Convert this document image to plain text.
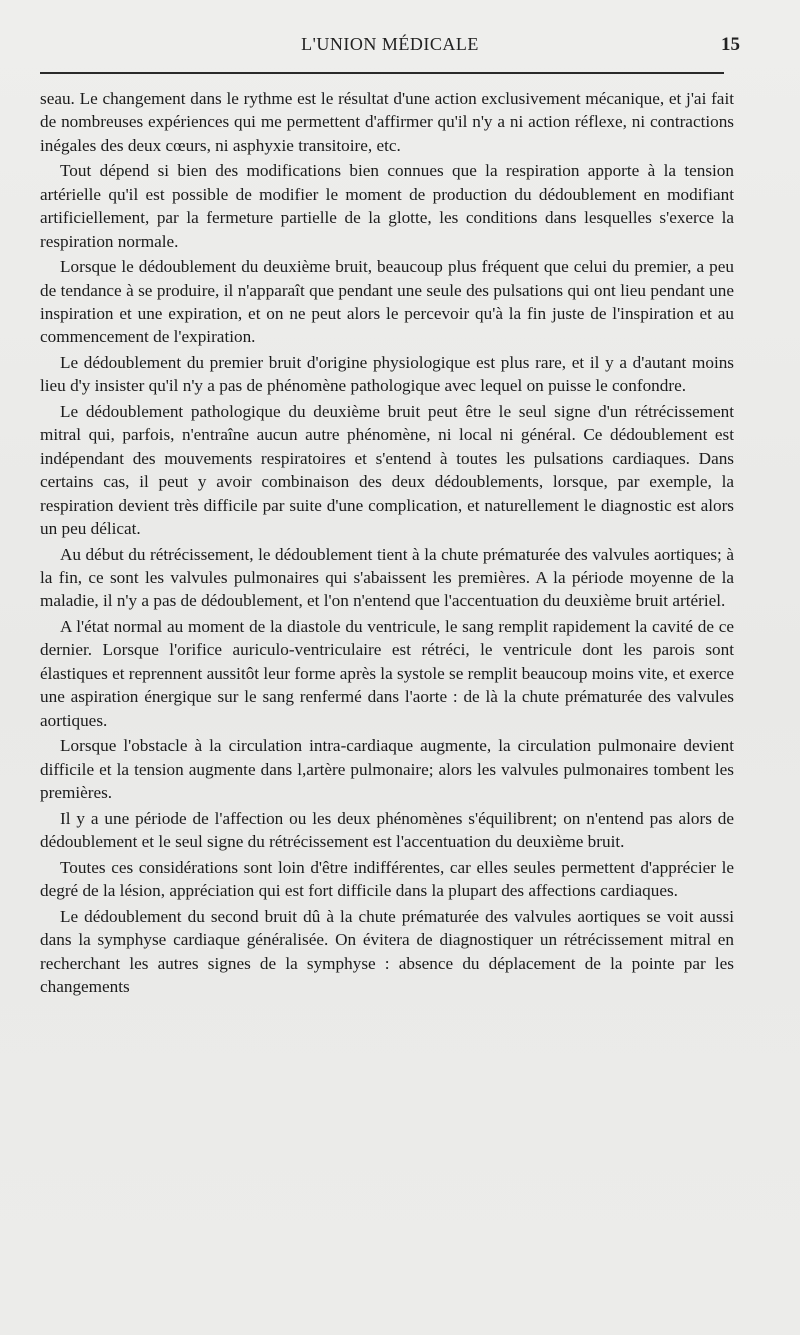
L'UNION MÉDICALE	15

seau. Le changement dans le rythme est le résultat d'une action exclusivement mécanique, et j'ai fait de nombreuses expériences qui me permettent d'affirmer qu'il n'y a ni action réflexe, ni contractions inégales des deux cœurs, ni asphyxie transitoire, etc.

Tout dépend si bien des modifications bien connues que la respiration apporte à la tension artérielle qu'il est possible de modifier le moment de production du dédoublement en modifiant artificiellement, par la fermeture partielle de la glotte, les conditions dans lesquelles s'exerce la respiration normale.

Lorsque le dédoublement du deuxième bruit, beaucoup plus fréquent que celui du premier, a peu de tendance à se produire, il n'apparaît que pendant une seule des pulsations qui ont lieu pendant une inspiration et une expiration, et on ne peut alors le percevoir qu'à la fin juste de l'inspiration et au commencement de l'expiration.

Le dédoublement du premier bruit d'origine physiologique est plus rare, et il y a d'autant moins lieu d'y insister qu'il n'y a pas de phénomène pathologique avec lequel on puisse le confondre.

Le dédoublement pathologique du deuxième bruit peut être le seul signe d'un rétrécissement mitral qui, parfois, n'entraîne aucun autre phénomène, ni local ni général. Ce dédoublement est indépendant des mouvements respiratoires et s'entend à toutes les pulsations cardiaques. Dans certains cas, il peut y avoir combinaison des deux dédoublements, lorsque, par exemple, la respiration devient très difficile par suite d'une complication, et naturellement le diagnostic est alors un peu délicat.

Au début du rétrécissement, le dédoublement tient à la chute prématurée des valvules aortiques; à la fin, ce sont les valvules pulmonaires qui s'abaissent les premières. A la période moyenne de la maladie, il n'y a pas de dédoublement, et l'on n'entend que l'accentuation du deuxième bruit artériel.

A l'état normal au moment de la diastole du ventricule, le sang remplit rapidement la cavité de ce dernier. Lorsque l'orifice auriculo-ventriculaire est rétréci, le ventricule dont les parois sont élastiques et reprennent aussitôt leur forme après la systole se remplit beaucoup moins vite, et exerce une aspiration énergique sur le sang renfermé dans l'aorte : de là la chute prématurée des valvules aortiques.

Lorsque l'obstacle à la circulation intra-cardiaque augmente, la circulation pulmonaire devient difficile et la tension augmente dans l,artère pulmonaire; alors les valvules pulmonaires tombent les premières.

Il y a une période de l'affection ou les deux phénomènes s'équilibrent; on n'entend pas alors de dédoublement et le seul signe du rétrécissement est l'accentuation du deuxième bruit.

Toutes ces considérations sont loin d'être indifférentes, car elles seules permettent d'apprécier le degré de la lésion, appréciation qui est fort difficile dans la plupart des affections cardiaques.

Le dédoublement du second bruit dû à la chute prématurée des valvules aortiques se voit aussi dans la symphyse cardiaque généralisée. On évitera de diagnostiquer un rétrécissement mitral en recherchant les autres signes de la symphyse : absence du déplacement de la pointe par les changements
